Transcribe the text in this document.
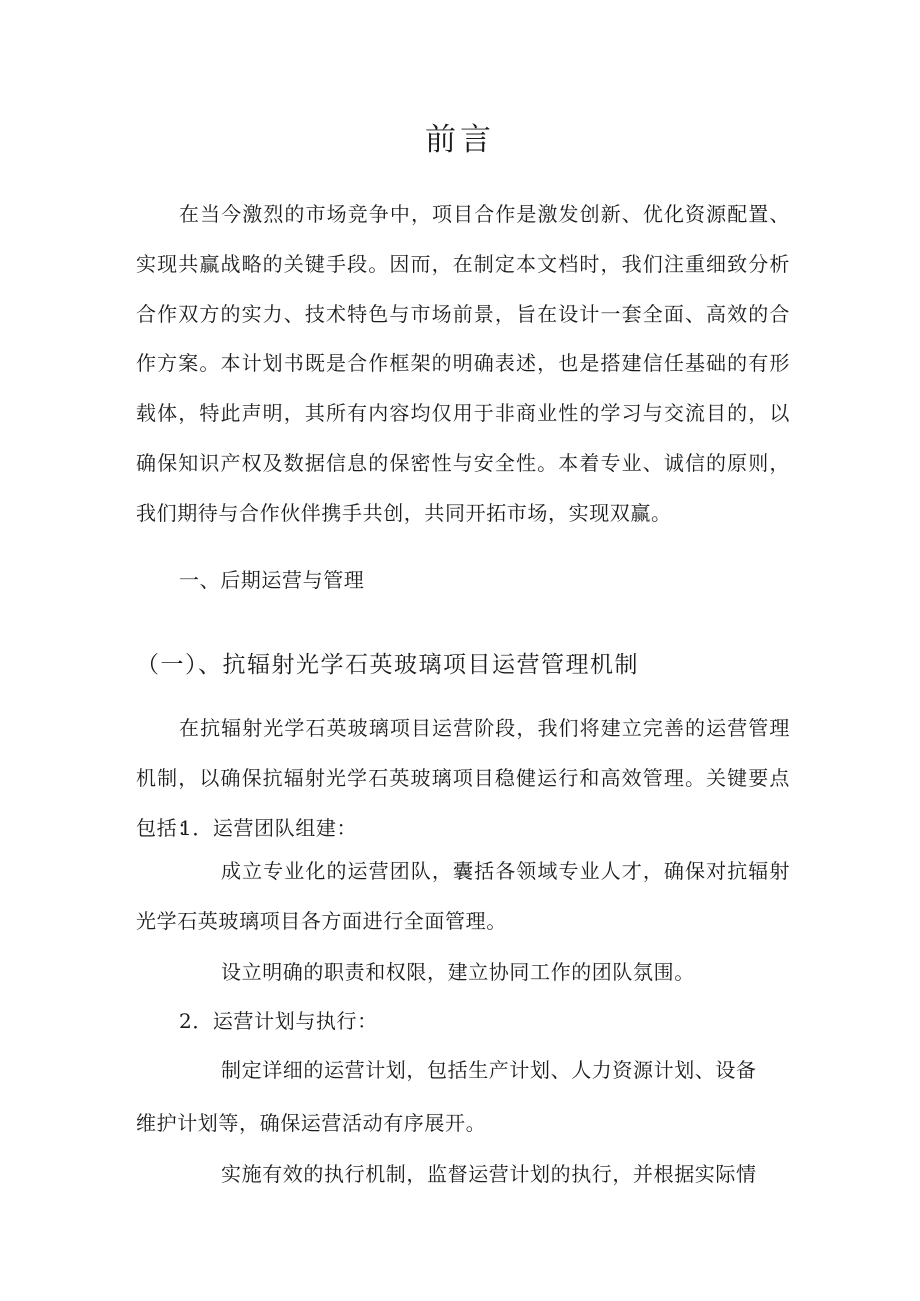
前言

在当今激烈的市场竞争中，项目合作是激发创新、优化资源配置、实现共赢战略的关键手段。因而，在制定本文档时，我们注重细致分析合作双方的实力、技术特色与市场前景，旨在设计一套全面、高效的合作方案。本计划书既是合作框架的明确表述，也是搭建信任基础的有形载体，特此声明，其所有内容均仅用于非商业性的学习与交流目的，以确保知识产权及数据信息的保密性与安全性。本着专业、诚信的原则，我们期待与合作伙伴携手共创，共同开拓市场，实现双赢。

一、后期运营与管理
（一）、抗辐射光学石英玻璃项目运营管理机制

在抗辐射光学石英玻璃项目运营阶段，我们将建立完善的运营管理机制，以确保抗辐射光学石英玻璃项目稳健运行和高效管理。关键要点包括：

1．运营团队组建：

成立专业化的运营团队，囊括各领域专业人才，确保对抗辐射光学石英玻璃项目各方面进行全面管理。

设立明确的职责和权限，建立协同工作的团队氛围。
2．运营计划与执行：
制定详细的运营计划，包括生产计划、人力资源计划、设备
维护计划等，确保运营活动有序展开。
实施有效的执行机制，监督运营计划的执行，并根据实际情
